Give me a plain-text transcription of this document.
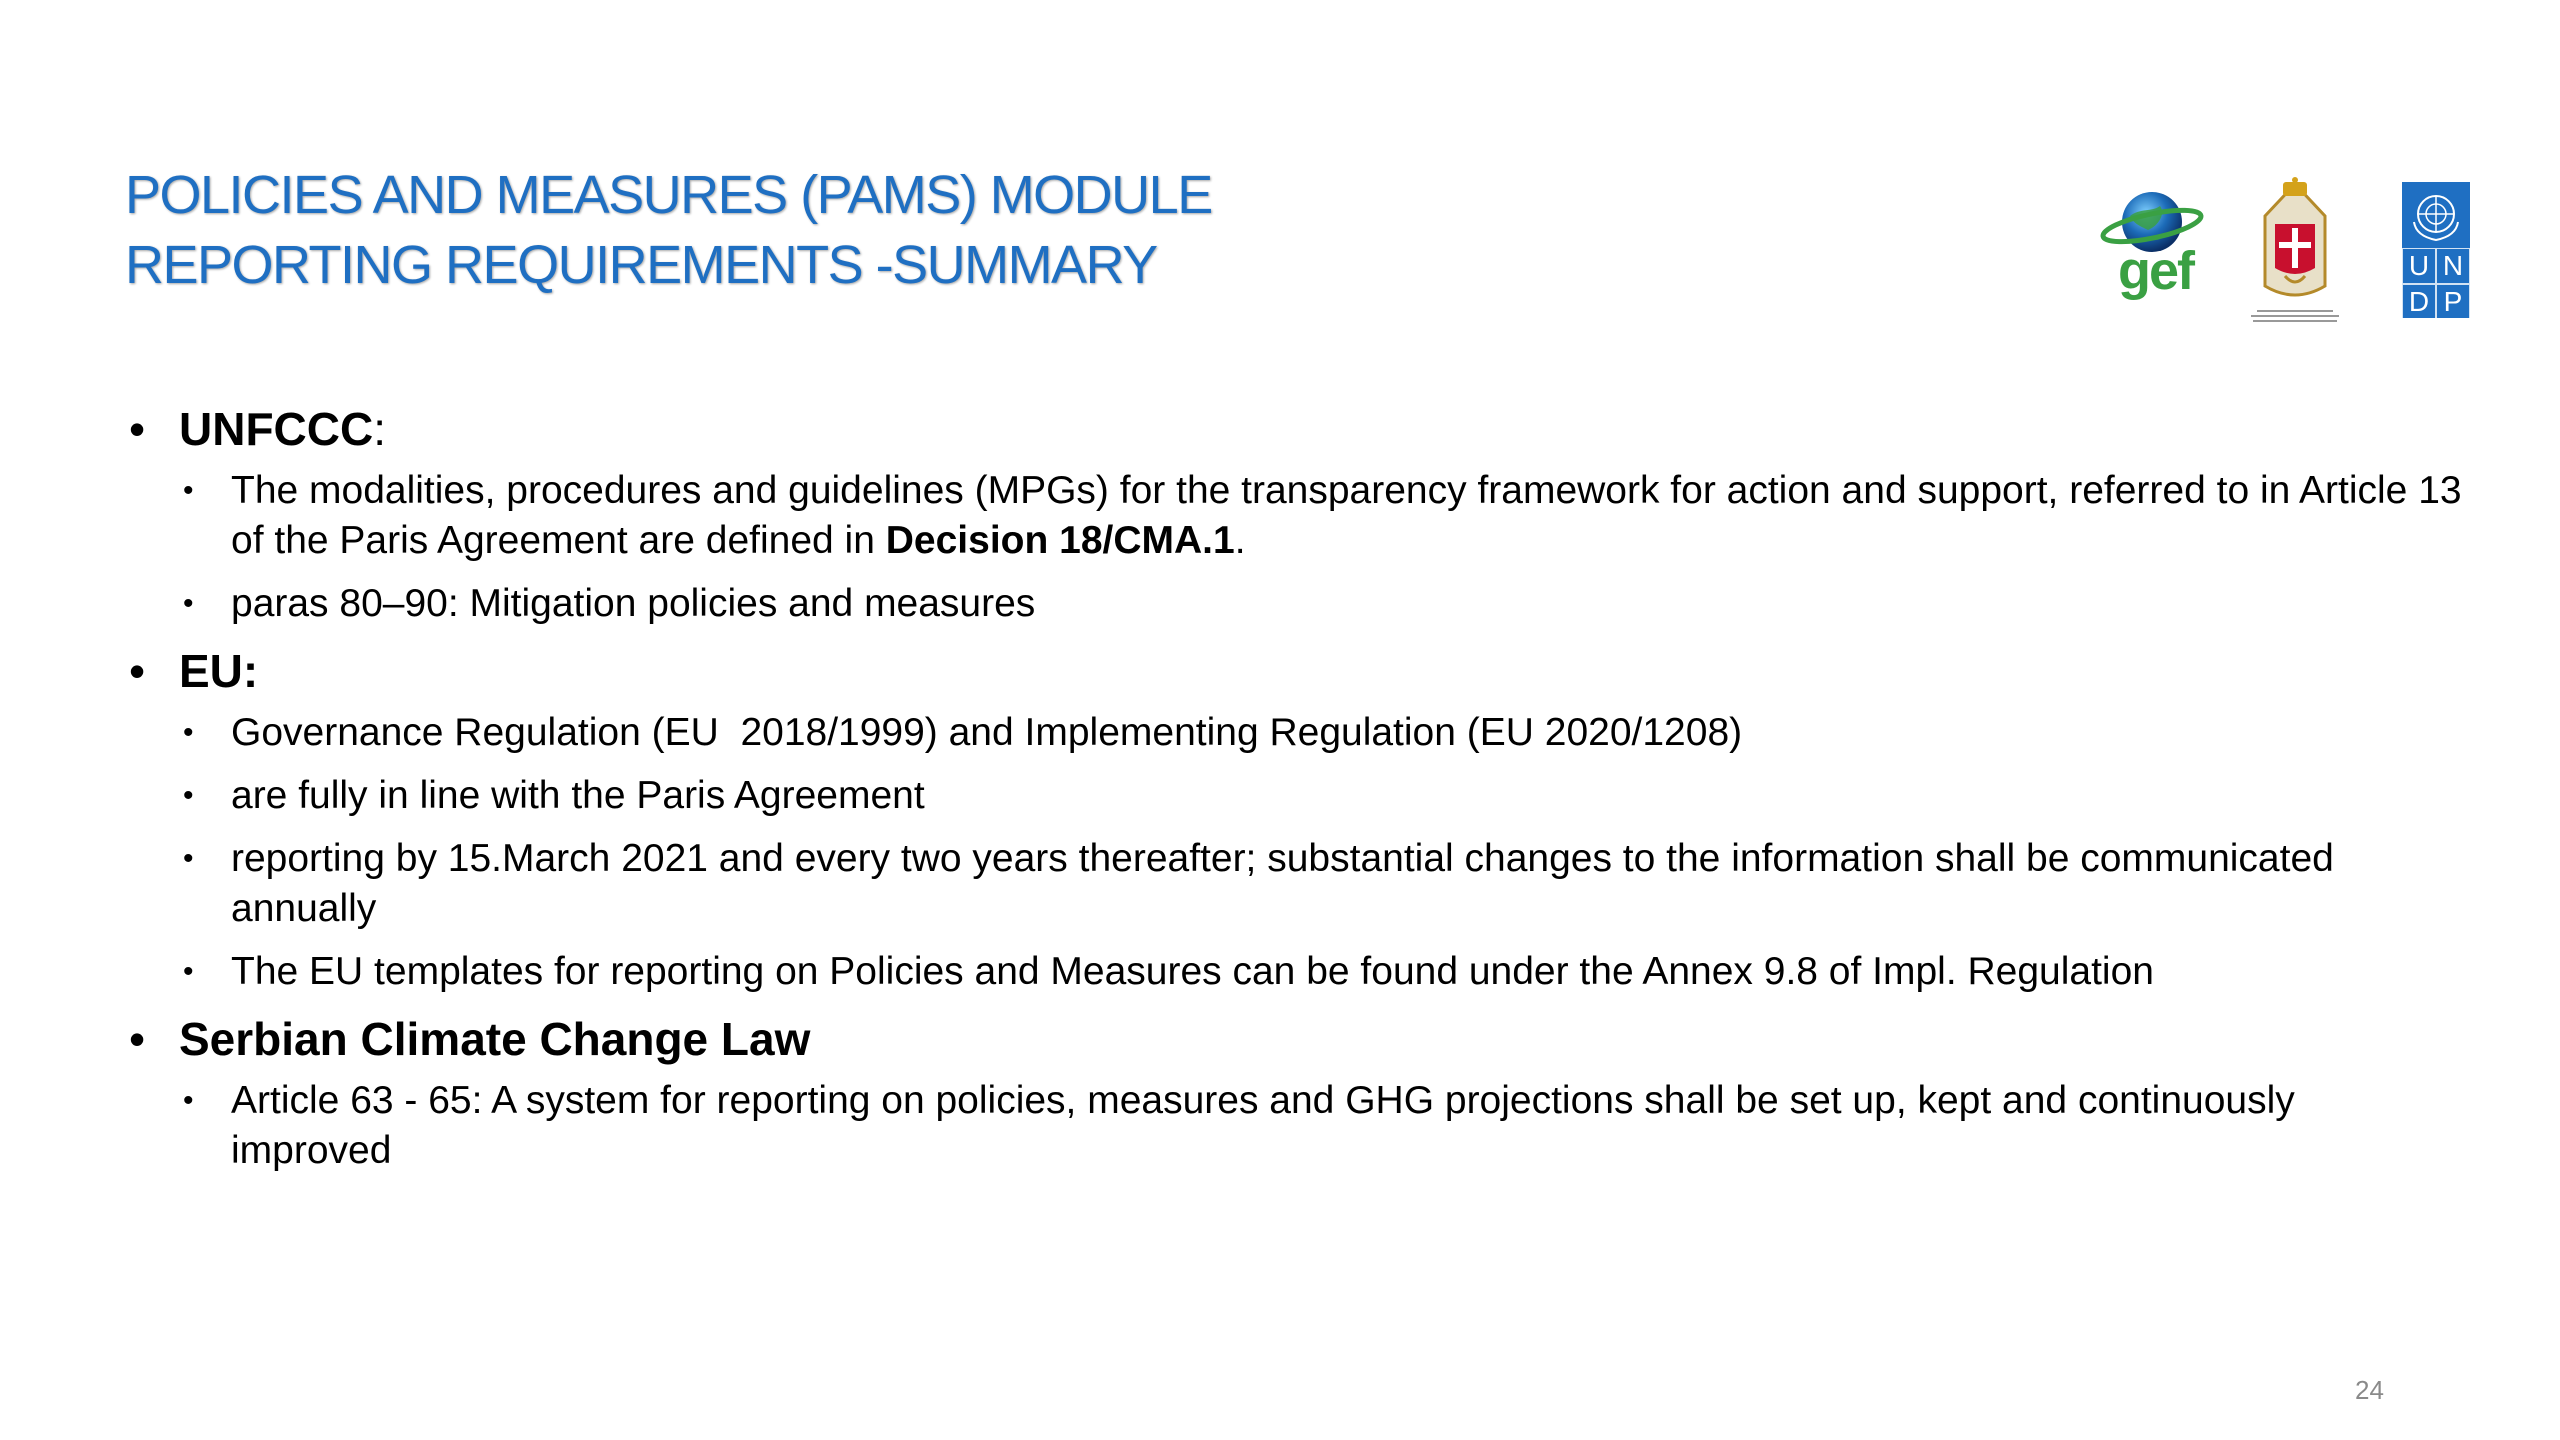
POLICIES AND MEASURES (PAMS) MODULE
REPORTING REQUIREMENTS -SUMMARY	gef	U N
D P
• UNFCCC:
• The modalities, procedures and guidelines (MPGs) for the transparency framework for action and support, referred to in Article 13 of the Paris Agreement are defined in Decision 18/CMA.1.
• paras 80–90: Mitigation policies and measures
• EU:
• Governance Regulation (EU  2018/1999) and Implementing Regulation (EU 2020/1208)
• are fully in line with the Paris Agreement
• reporting by 15.March 2021 and every two years thereafter; substantial changes to the information shall be communicated annually
• The EU templates for reporting on Policies and Measures can be found under the Annex 9.8 of Impl. Regulation
• Serbian Climate Change Law
• Article 63 - 65: A system for reporting on policies, measures and GHG projections shall be set up, kept and continuously improved
24
